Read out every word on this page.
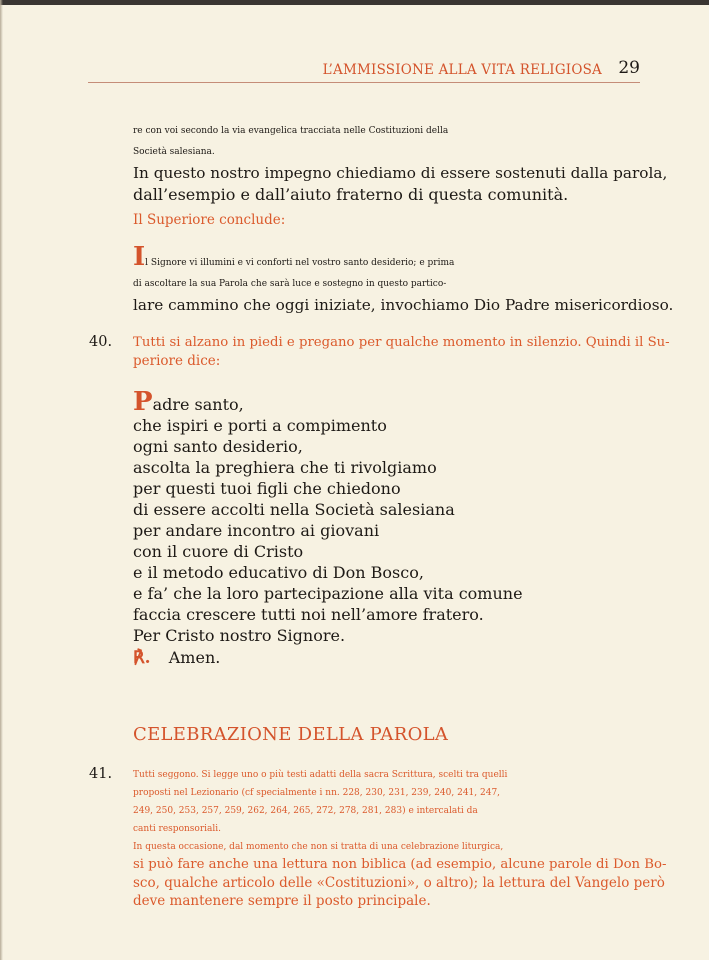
L’AMMISSIONE ALLA VITA RELIGIOSA 29
re con voi secondo la via evangelica tracciata nelle Costituzioni della
Società salesiana.
In questo nostro impegno chiediamo di essere sostenuti dalla parola,
dall’esempio e dall’aiuto fraterno di questa comunità.
Il Superiore conclude:
Il Signore vi illumini e vi conforti nel vostro santo desiderio; e prima
di ascoltare la sua Parola che sarà luce e sostegno in questo partico-
lare cammino che oggi iniziate, invochiamo Dio Padre misericordioso.
40. Tutti si alzano in piedi e pregano per qualche momento in silenzio. Quindi il Su-
periore dice:
Padre santo,
che ispiri e porti a compimento
ogni santo desiderio,
ascolta la preghiera che ti rivolgiamo
per questi tuoi figli che chiedono
di essere accolti nella Società salesiana
per andare incontro ai giovani
con il cuore di Cristo
e il metodo educativo di Don Bosco,
e fa’ che la loro partecipazione alla vita comune
faccia crescere tutti noi nell’amore fratero.
Per Cristo nostro Signore.
℟. Amen.
CELEBRAZIONE DELLA PAROLA
41. Tutti seggono. Si legge uno o più testi adatti della sacra Scrittura, scelti tra quelli
proposti nel Lezionario (cf specialmente i nn. 228, 230, 231, 239, 240, 241, 247,
249, 250, 253, 257, 259, 262, 264, 265, 272, 278, 281, 283) e intercalati da
canti responsoriali.
In questa occasione, dal momento che non si tratta di una celebrazione liturgica,
si può fare anche una lettura non biblica (ad esempio, alcune parole di Don Bo-
sco, qualche articolo delle «Costituzioni», o altro); la lettura del Vangelo però
deve mantenere sempre il posto principale.
